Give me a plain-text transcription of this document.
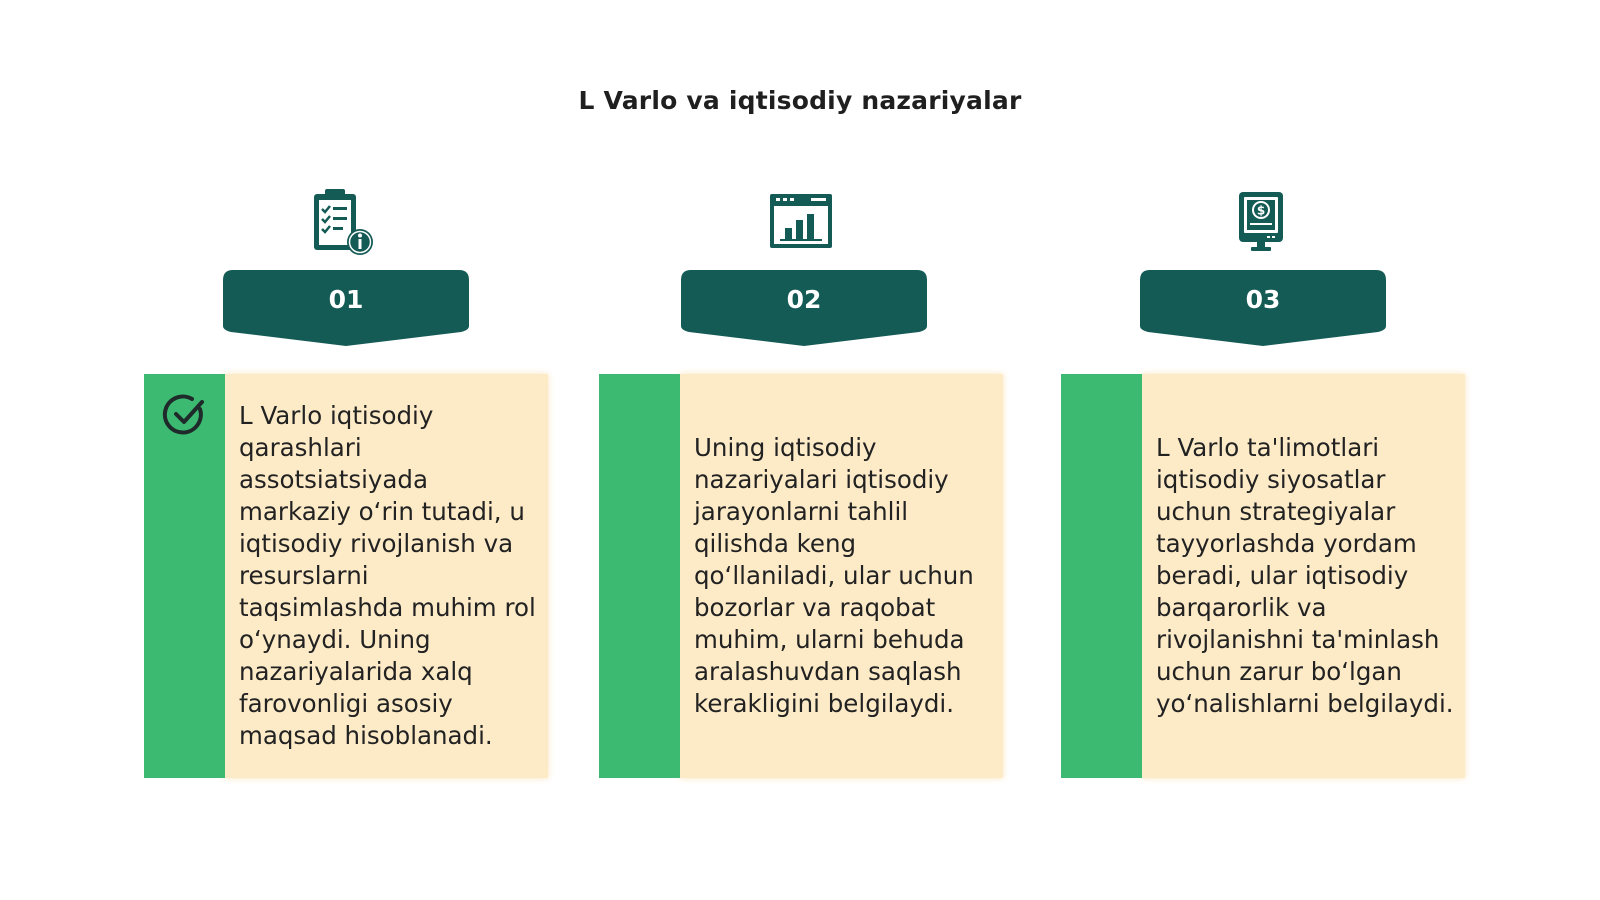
L Varlo va iqtisodiy nazariyalar
01

L Varlo iqtisodiy qarashlari assotsiatsiyada markaziy o‘rin tutadi, u iqtisodiy rivojlanish va resurslarni taqsimlashda muhim rol o‘ynaydi. Uning nazariyalarida xalq farovonligi asosiy maqsad hisoblanadi.

02

Uning iqtisodiy nazariyalari iqtisodiy jarayonlarni tahlil qilishda keng qo‘llaniladi, ular uchun bozorlar va raqobat muhim, ularni behuda aralashuvdan saqlash kerakligini belgilaydi.

$
03

L Varlo ta'limotlari iqtisodiy siyosatlar uchun strategiyalar tayyorlashda yordam beradi, ular iqtisodiy barqarorlik va rivojlanishni ta'minlash uchun zarur bo‘lgan yo‘nalishlarni belgilaydi.
